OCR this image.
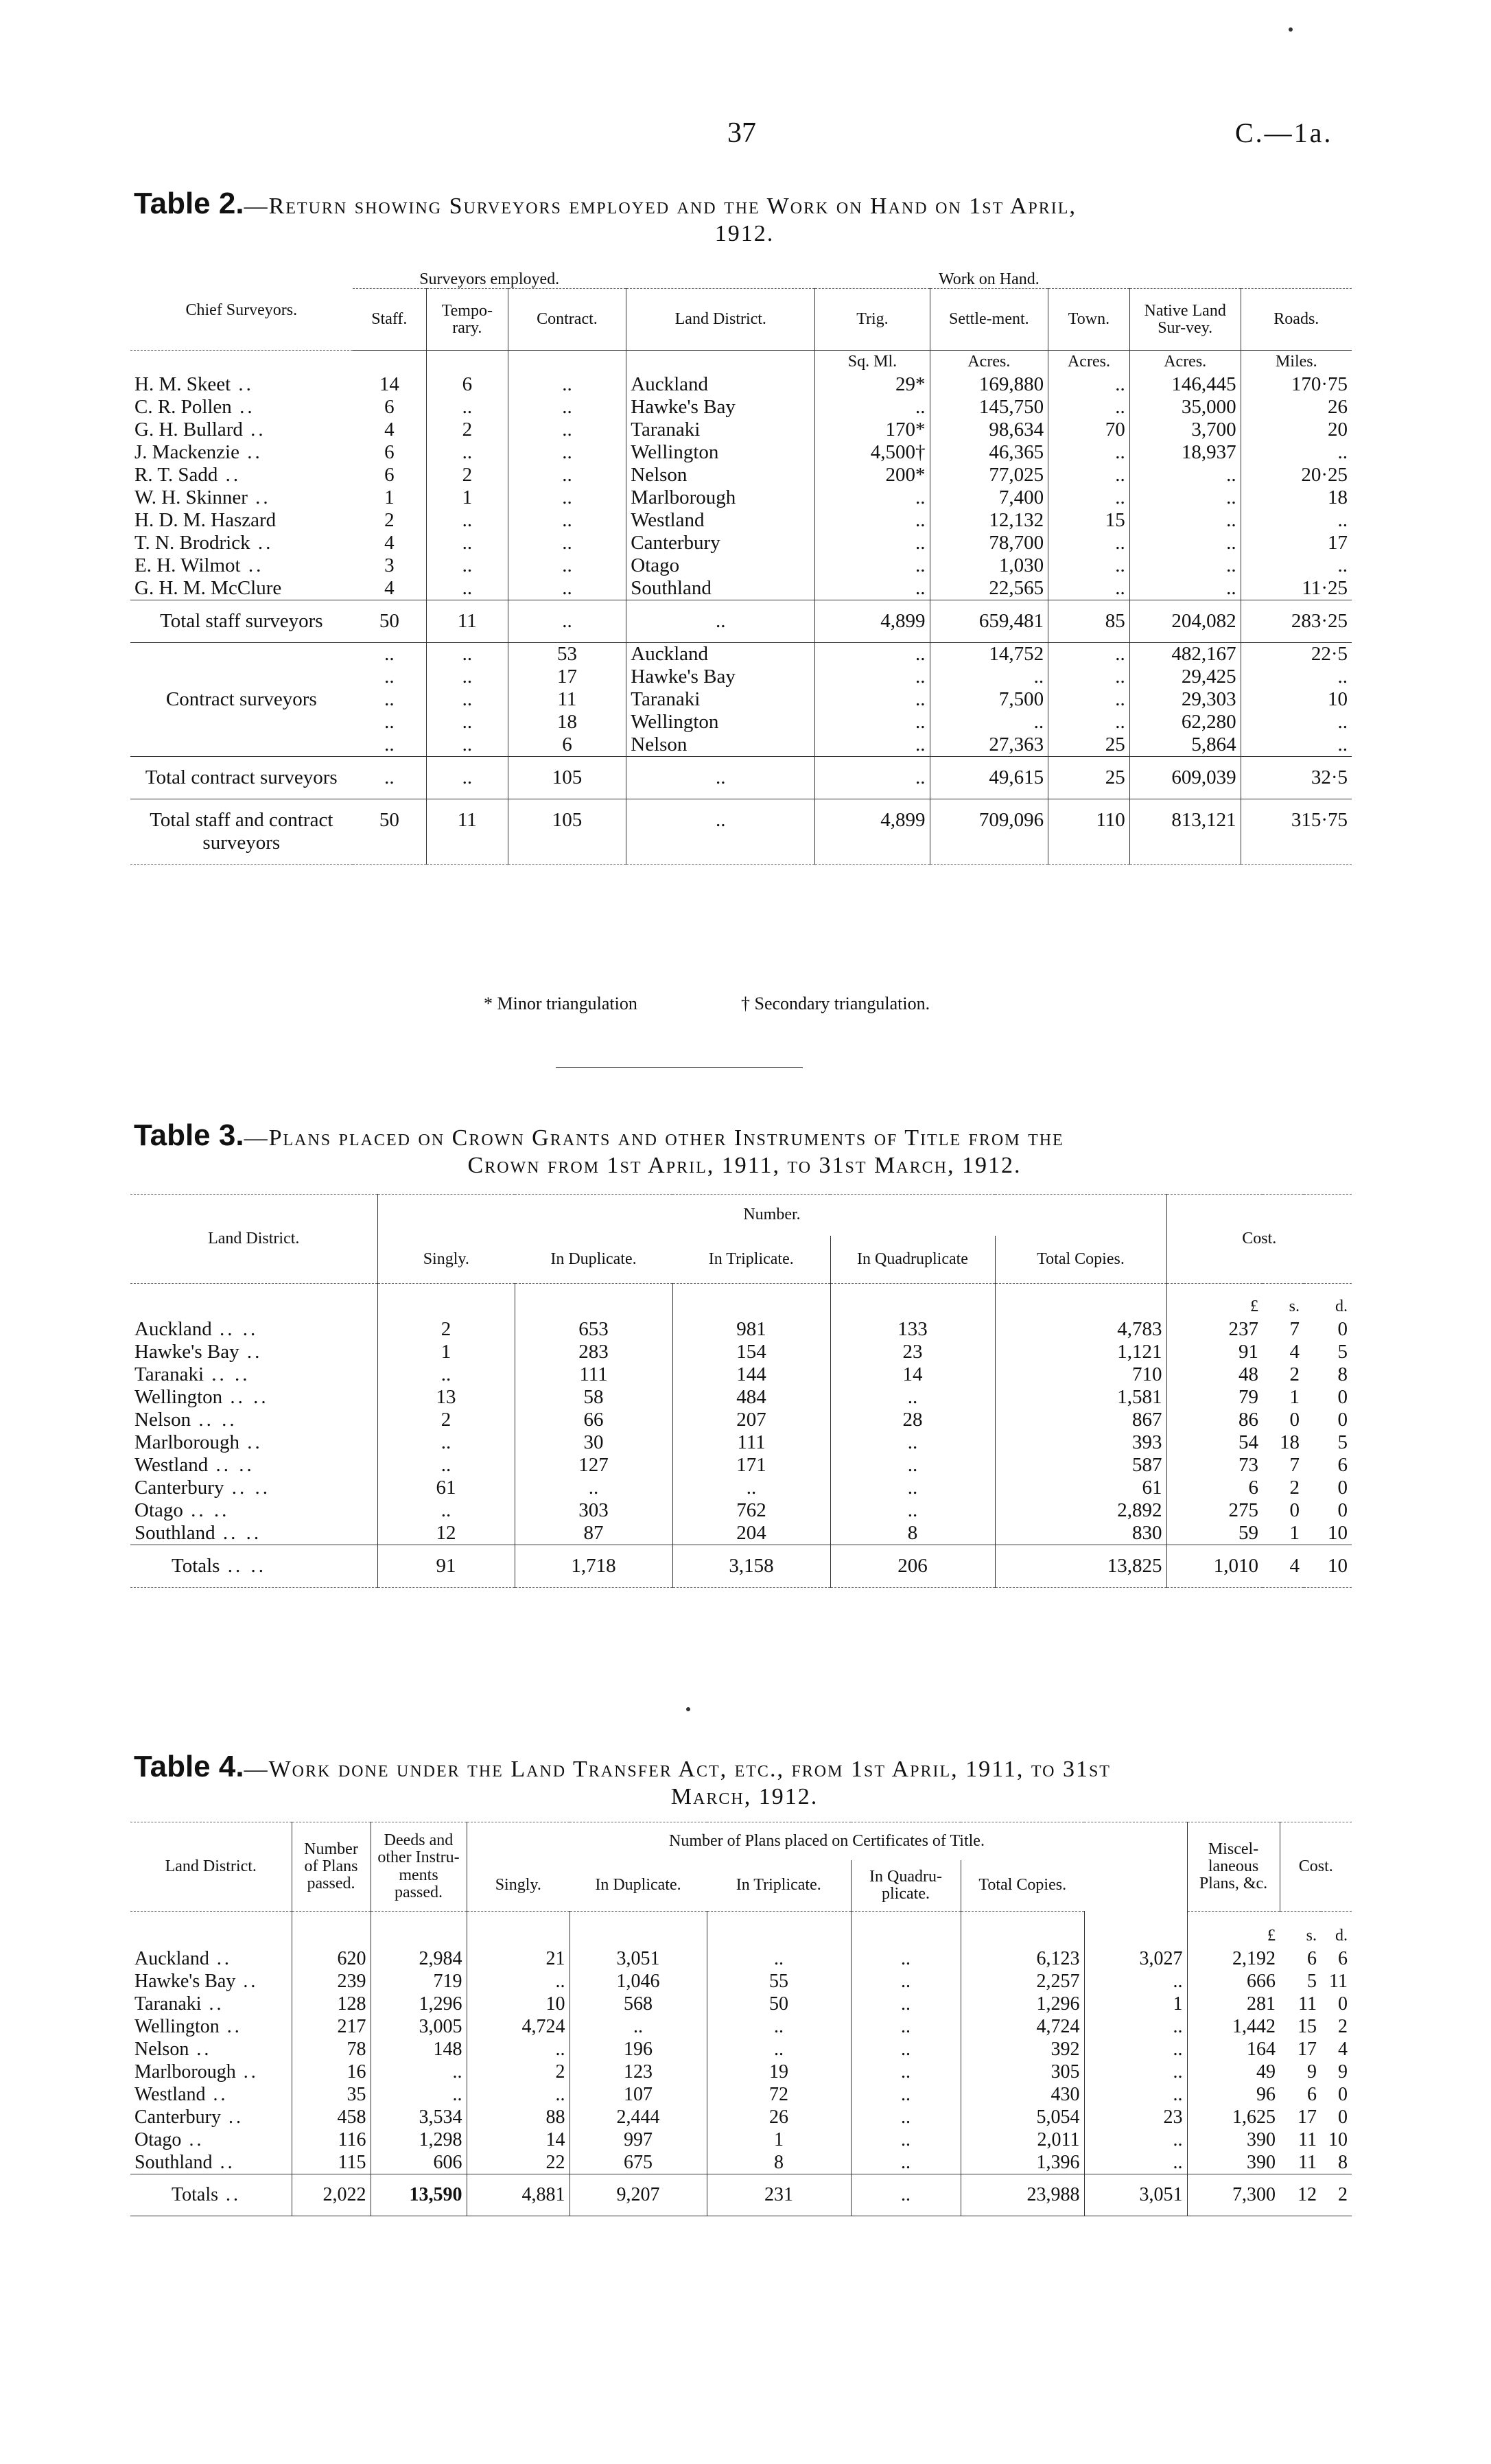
37	C.—1a.
Table 2.—Return showing Surveyors employed and the Work on Hand on 1st April,
1912.
Chief Surveyors.	Surveyors employed.			Work on Hand.					
	Staff.	Tempo-rary.	Contract.	Land District.	Trig.	Settle-ment.	Town.	Native Land Sur-vey.	Roads.
					Sq. Ml.	Acres.	Acres.	Acres.	Miles.
H. M. Skeet ..	14	6	..	Auckland	29*	169,880	..	146,445	170·75
C. R. Pollen ..	6	..	..	Hawke's Bay	..	145,750	..	35,000	26
G. H. Bullard ..	4	2	..	Taranaki	170*	98,634	70	3,700	20
J. Mackenzie ..	6	..	..	Wellington	4,500†	46,365	..	18,937	..
R. T. Sadd ..	6	2	..	Nelson	200*	77,025	..	..	20·25
W. H. Skinner ..	1	1	..	Marlborough	..	7,400	..	..	18
H. D. M. Haszard	2	..	..	Westland	..	12,132	15	..	..
T. N. Brodrick ..	4	..	..	Canterbury	..	78,700	..	..	17
E. H. Wilmot ..	3	..	..	Otago	..	1,030	..	..	..
G. H. M. McClure	4	..	..	Southland	..	22,565	..	..	11·25
Total staff surveyors	50	11	..	..	4,899	659,481	85	204,082	283·25
Contract surveyors	..	..	53	Auckland	..	14,752	..	482,167	22·5
	..	..	17	Hawke's Bay	..	..	..	29,425	..
	..	..	11	Taranaki	..	7,500	..	29,303	10
	..	..	18	Wellington	..	..	..	62,280	..
	..	..	6	Nelson	..	27,363	25	5,864	..
Total contract surveyors	..	..	105	..	..	49,615	25	609,039	32·5
Total staff and contract surveyors	50	11	105	..	4,899	709,096	110	813,121	315·75
* Minor triangulation	† Secondary triangulation.
Table 3.—Plans placed on Crown Grants and other Instruments of Title from the
Crown from 1st April, 1911, to 31st March, 1912.
Land District.	Number.					Cost.		
	Singly.	In Duplicate.	In Triplicate.	In Quadruplicate	Total Copies.			
						£	s.	d.
Auckland .. ..	2	653	981	133	4,783	237	7	0
Hawke's Bay ..	1	283	154	23	1,121	91	4	5
Taranaki .. ..	..	111	144	14	710	48	2	8
Wellington .. ..	13	58	484	..	1,581	79	1	0
Nelson .. ..	2	66	207	28	867	86	0	0
Marlborough ..	..	30	111	..	393	54	18	5
Westland .. ..	..	127	171	..	587	73	7	6
Canterbury .. ..	61	..	..	..	61	6	2	0
Otago .. ..	..	303	762	..	2,892	275	0	0
Southland .. ..	12	87	204	8	830	59	1	10
Totals .. ..	91	1,718	3,158	206	13,825	1,010	4	10
Table 4.—Work done under the Land Transfer Act, etc., from 1st April, 1911, to 31st
March, 1912.
Land District.	Number of Plans passed.	Deeds and other Instru-ments passed.	Number of Plans placed on Certificates of Title.						Miscel-laneous Plans, &c.	Cost.	
			Singly.	In Duplicate.	In Triplicate.	In Quadru-plicate.	Total Copies.				
									£	s.	d.
Auckland ..	620	2,984	21	3,051	..	..	6,123	3,027	2,192	6	6
Hawke's Bay ..	239	719	..	1,046	55	..	2,257	..	666	5	11
Taranaki ..	128	1,296	10	568	50	..	1,296	1	281	11	0
Wellington ..	217	3,005	4,724	..	..	..	4,724	..	1,442	15	2
Nelson ..	78	148	..	196	..	..	392	..	164	17	4
Marlborough ..	16	..	2	123	19	..	305	..	49	9	9
Westland ..	35	..	..	107	72	..	430	..	96	6	0
Canterbury ..	458	3,534	88	2,444	26	..	5,054	23	1,625	17	0
Otago ..	116	1,298	14	997	1	..	2,011	..	390	11	10
Southland ..	115	606	22	675	8	..	1,396	..	390	11	8
Totals ..	2,022	13,590	4,881	9,207	231	..	23,988	3,051	7,300	12	2
